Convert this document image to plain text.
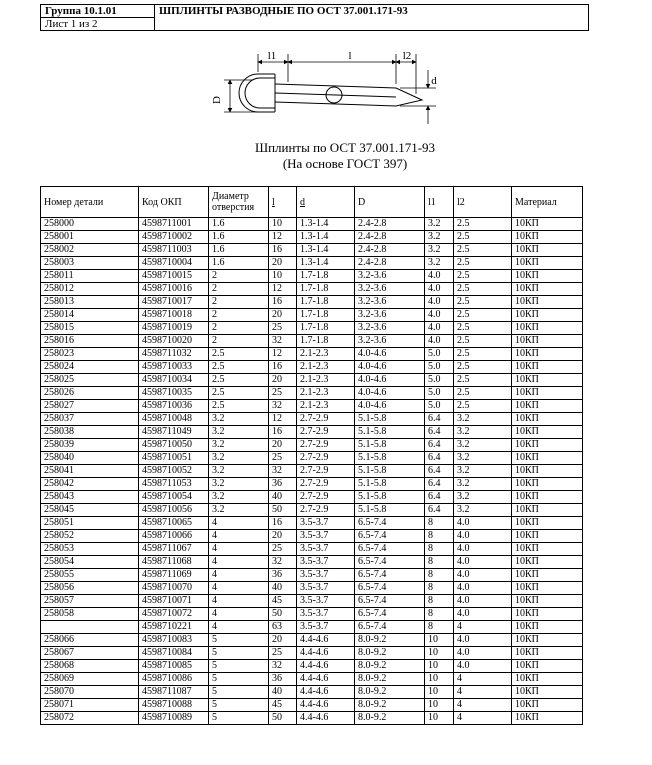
Группа 10.1.01	ШПЛИНТЫ РАЗВОДНЫЕ ПО ОСТ 37.001.171-93
Лист 1 из 2
l1	l	l2
d
D
Шплинты по ОСТ 37.001.171-93
(На основе ГОСТ 397)
Номер детали	Код ОКП	Диаметр отверстия	l	d	D	l1	l2	Материал
258000	4598711001	1.6	10	1.3-1.4	2.4-2.8	3.2	2.5	10КП
258001	4598710002	1.6	12	1.3-1.4	2.4-2.8	3.2	2.5	10КП
258002	4598711003	1.6	16	1.3-1.4	2.4-2.8	3.2	2.5	10КП
258003	4598710004	1.6	20	1.3-1.4	2.4-2.8	3.2	2.5	10КП
258011	4598710015	2	10	1.7-1.8	3.2-3.6	4.0	2.5	10КП
258012	4598710016	2	12	1.7-1.8	3.2-3.6	4.0	2.5	10КП
258013	4598710017	2	16	1.7-1.8	3.2-3.6	4.0	2.5	10КП
258014	4598710018	2	20	1.7-1.8	3.2-3.6	4.0	2.5	10КП
258015	4598710019	2	25	1.7-1.8	3.2-3.6	4.0	2.5	10КП
258016	4598710020	2	32	1.7-1.8	3.2-3.6	4.0	2.5	10КП
258023	4598711032	2.5	12	2.1-2.3	4.0-4.6	5.0	2.5	10КП
258024	4598710033	2.5	16	2.1-2.3	4.0-4.6	5.0	2.5	10КП
258025	4598710034	2.5	20	2.1-2.3	4.0-4.6	5.0	2.5	10КП
258026	4598710035	2.5	25	2.1-2.3	4.0-4.6	5.0	2.5	10КП
258027	4598710036	2.5	32	2.1-2.3	4.0-4.6	5.0	2.5	10КП
258037	4598710048	3.2	12	2.7-2.9	5.1-5.8	6.4	3.2	10КП
258038	4598711049	3.2	16	2.7-2.9	5.1-5.8	6.4	3.2	10КП
258039	4598710050	3.2	20	2.7-2.9	5.1-5.8	6.4	3.2	10КП
258040	4598710051	3.2	25	2.7-2.9	5.1-5.8	6.4	3.2	10КП
258041	4598710052	3.2	32	2.7-2.9	5.1-5.8	6.4	3.2	10КП
258042	4598711053	3.2	36	2.7-2.9	5.1-5.8	6.4	3.2	10КП
258043	4598710054	3.2	40	2.7-2.9	5.1-5.8	6.4	3.2	10КП
258045	4598710056	3.2	50	2.7-2.9	5.1-5.8	6.4	3.2	10КП
258051	4598710065	4	16	3.5-3.7	6.5-7.4	8	4.0	10КП
258052	4598710066	4	20	3.5-3.7	6.5-7.4	8	4.0	10КП
258053	4598711067	4	25	3.5-3.7	6.5-7.4	8	4.0	10КП
258054	4598711068	4	32	3.5-3.7	6.5-7.4	8	4.0	10КП
258055	4598711069	4	36	3.5-3.7	6.5-7.4	8	4.0	10КП
258056	4598710070	4	40	3.5-3.7	6.5-7.4	8	4.0	10КП
258057	4598710071	4	45	3.5-3.7	6.5-7.4	8	4.0	10КП
258058	4598710072	4	50	3.5-3.7	6.5-7.4	8	4.0	10КП
	4598710221	4	63	3.5-3.7	6.5-7.4	8	4	10КП
258066	4598710083	5	20	4.4-4.6	8.0-9.2	10	4.0	10КП
258067	4598710084	5	25	4.4-4.6	8.0-9.2	10	4.0	10КП
258068	4598710085	5	32	4.4-4.6	8.0-9.2	10	4.0	10КП
258069	4598710086	5	36	4.4-4.6	8.0-9.2	10	4	10КП
258070	4598711087	5	40	4.4-4.6	8.0-9.2	10	4	10КП
258071	4598710088	5	45	4.4-4.6	8.0-9.2	10	4	10КП
258072	4598710089	5	50	4.4-4.6	8.0-9.2	10	4	10КП
